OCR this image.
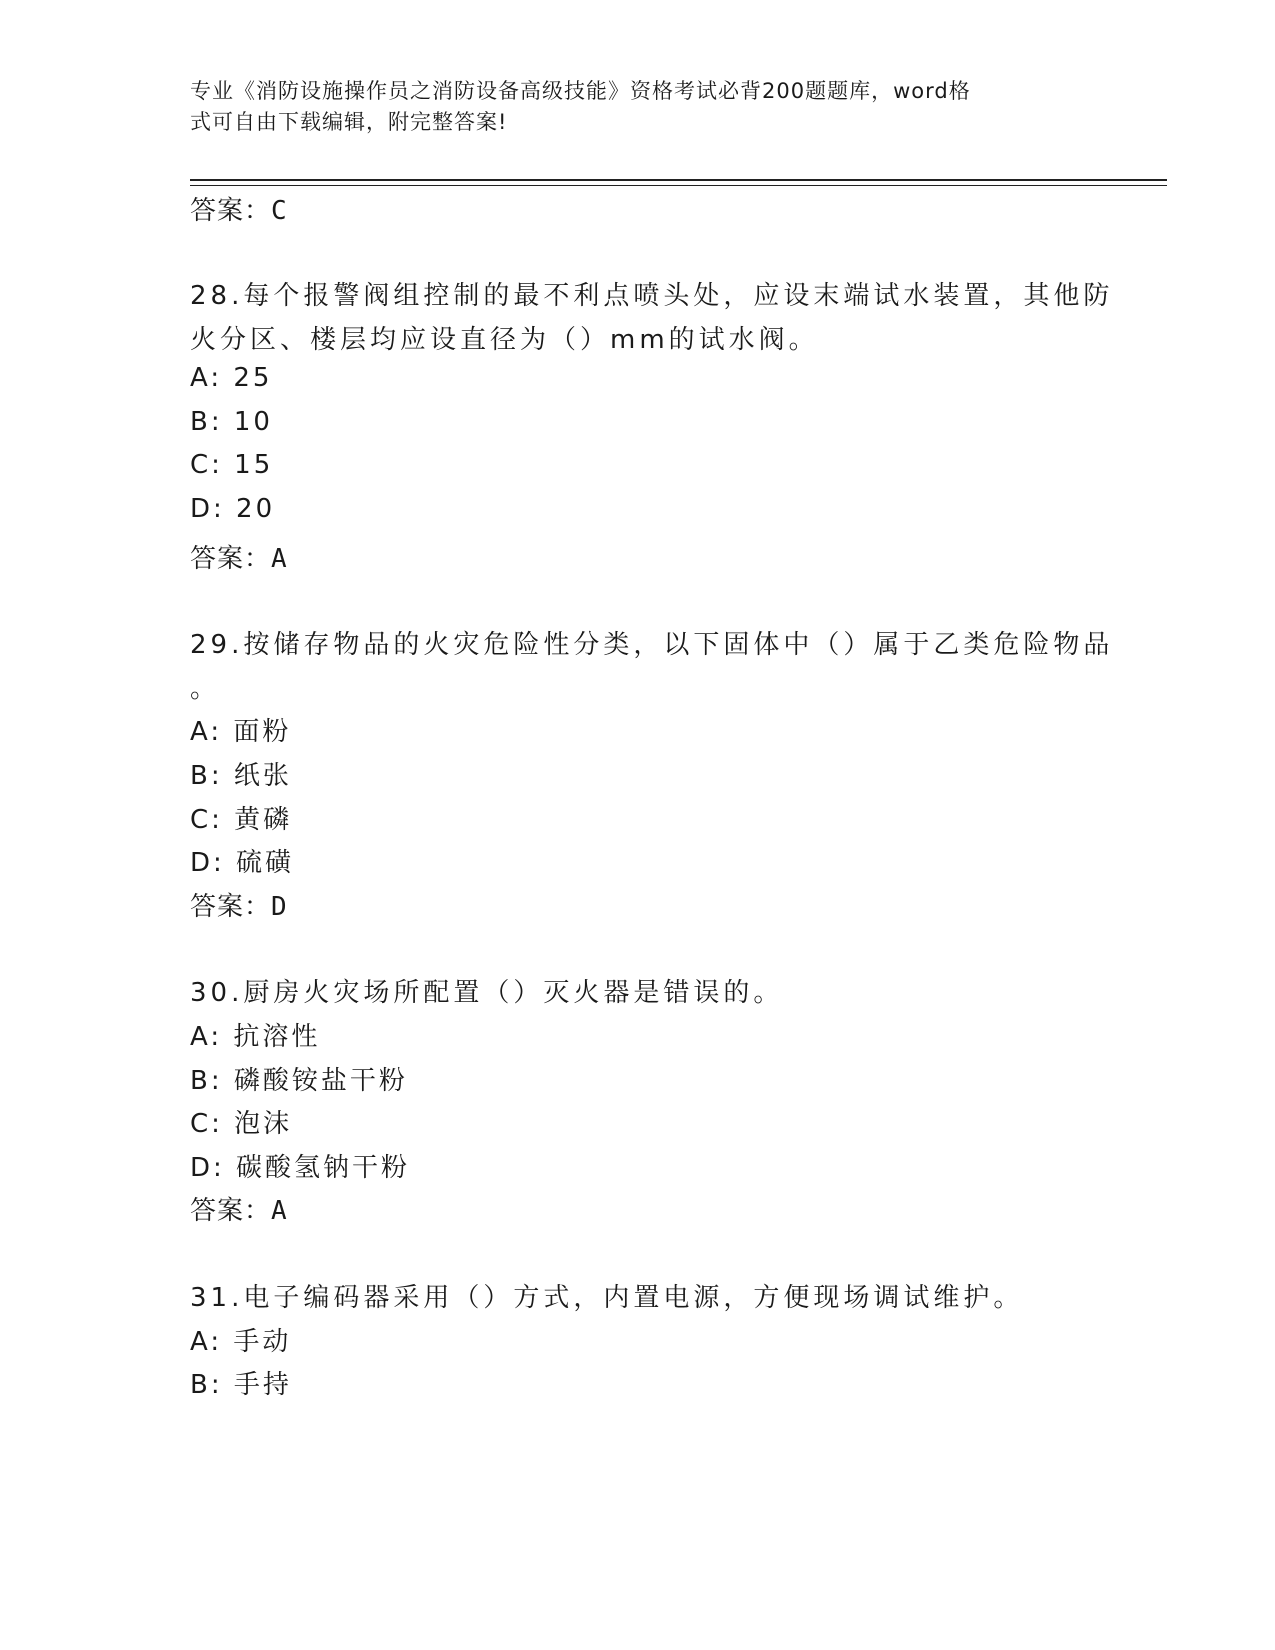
专业《消防设施操作员之消防设备高级技能》资格考试必背200题题库，word格
式可自由下载编辑，附完整答案!
答案：C
28.每个报警阀组控制的最不利点喷头处，应设末端试水装置，其他防
火分区、楼层均应设直径为（）mm的试水阀。
A: 25
B: 10
C: 15
D: 20
答案：A
29.按储存物品的火灾危险性分类，以下固体中（）属于乙类危险物品
。
A: 面粉
B: 纸张
C: 黄磷
D: 硫磺
答案：D
30.厨房火灾场所配置（）灭火器是错误的。
A: 抗溶性
B: 磷酸铵盐干粉
C: 泡沫
D: 碳酸氢钠干粉
答案：A
31.电子编码器采用（）方式，内置电源，方便现场调试维护。
A: 手动
B: 手持
